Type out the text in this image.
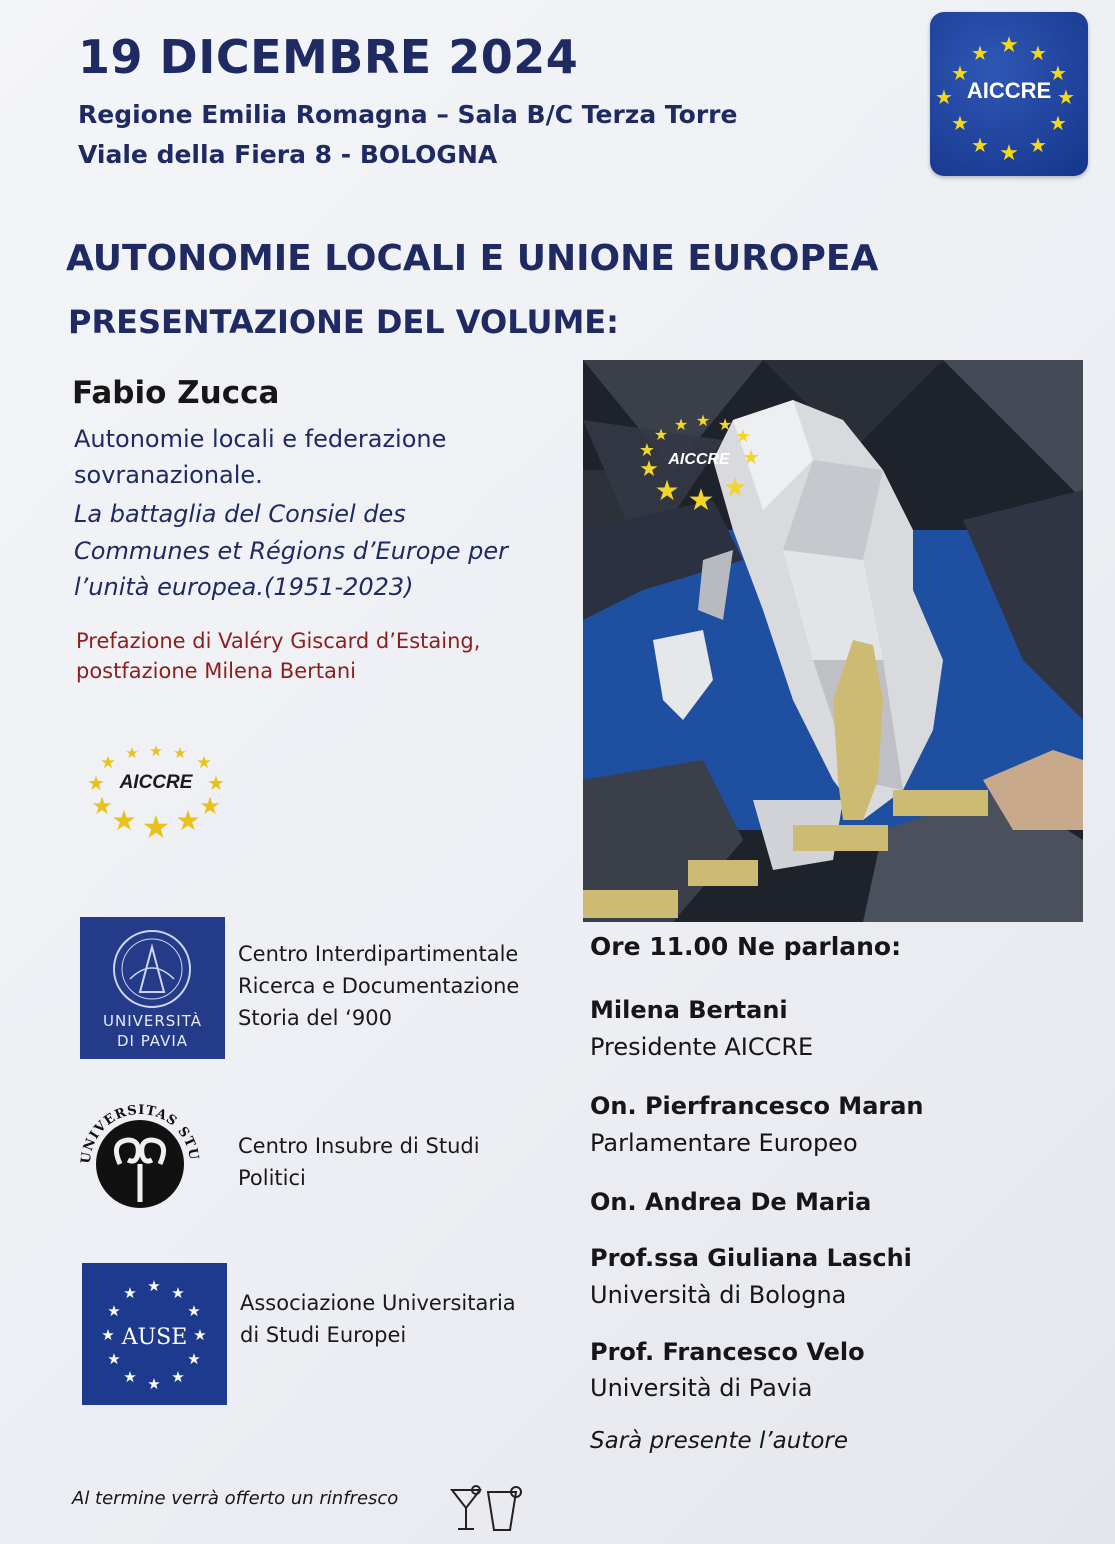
19 DICEMBRE 2024
Regione Emilia Romagna – Sala B/C Terza Torre
Viale della Fiera 8 - BOLOGNA
★ ★
★
★
★
★
★
★
★
★
★
★
AICCRE
AUTONOMIE LOCALI E UNIONE EUROPEA
PRESENTAZIONE DEL VOLUME:
Fabio Zucca
Autonomie locali e federazione
sovranazionale.
La battaglia del Consiel des
Communes et Régions d’Europe per
l’unità europea.(1951-2023)
Prefazione di Valéry Giscard d’Estaing,
postfazione Milena Bertani
★ ★ ★
★
★
★
★
★
★
★
★ ★
AICCRE
★
★ ★ ★
★
★
★
★
★
★
★ AICCRE
UNIVERSITÀ
DI PAVIA
Centro Interdipartimentale
Ricerca e Documentazione
Storia del ‘900
UNIVERSITAS STU Centro Insubre di Studi
Politici
★ ★
★
★
★
★
★
★
★
★
★
★
AUSE
Associazione Universitaria
di Studi Europei
Ore 11.00 Ne parlano:
Milena Bertani
Presidente AICCRE
On. Pierfrancesco Maran
Parlamentare Europeo
On. Andrea De Maria
Prof.ssa Giuliana Laschi
Università di Bologna
Prof. Francesco Velo
Università di Pavia
Sarà presente l’autore
Al termine verrà offerto un rinfresco
